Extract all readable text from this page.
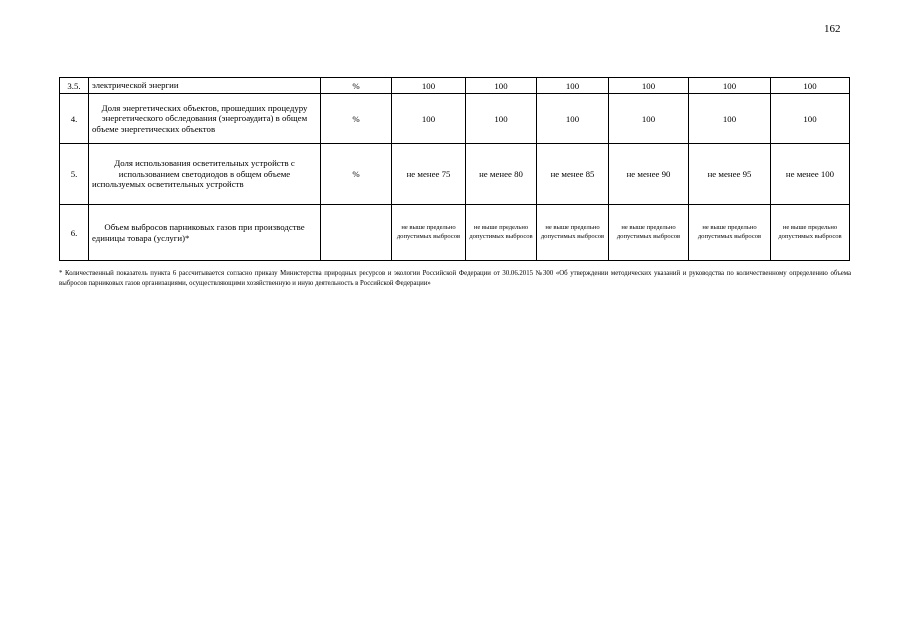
162
3.5.	электрической энергии	%	100	100	100	100	100	100
4.	Доля энергетических объектов, прошедших процедуру энергетического обследования (энергоаудита) в общем объеме энергетических объектов	%	100	100	100	100	100	100
5.	Доля использования осветительных устройств с использованием светодиодов в общем объеме используемых осветительных устройств	%	не менее 75	не менее 80	не менее 85	не менее 90	не менее 95	не менее 100
6.	Объем выбросов парниковых газов при производстве единицы товара (услуги)*		не выше предельно допустимых выбросов	не выше предельно допустимых выбросов	не выше предельно допустимых выбросов	не выше предельно допустимых выбросов	не выше предельно допустимых выбросов	не выше предельно допустимых выбросов
* Количественный показатель пункта 6 рассчитывается согласно приказу Министерства природных ресурсов и экологии Российской Федерации от 30.06.2015 №300 «Об утверждении методических указаний и руководства по количественному определению объема выбросов парниковых газов организациями, осуществляющими хозяйственную и иную деятельность в Российской Федерации»
